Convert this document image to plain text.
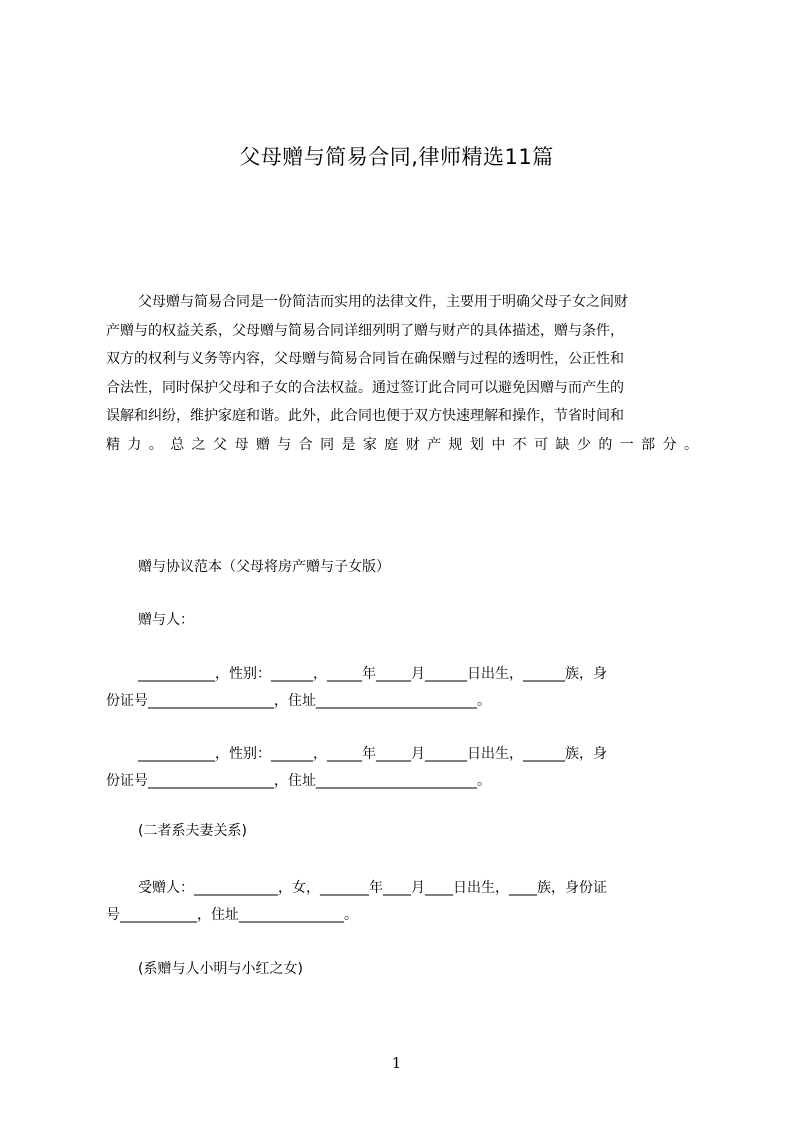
父母赠与简易合同,律师精选11篇
父母赠与简易合同是一份简洁而实用的法律文件，主要用于明确父母子女之间财
产赠与的权益关系，父母赠与简易合同详细列明了赠与财产的具体描述，赠与条件，
双方的权利与义务等内容，父母赠与简易合同旨在确保赠与过程的透明性，公正性和
合法性，同时保护父母和子女的合法权益。通过签订此合同可以避免因赠与而产生的
误解和纠纷，维护家庭和谐。此外，此合同也便于双方快速理解和操作，节省时间和
精力。总之父母赠与合同是家庭财产规划中不可缺少的一部分。
赠与协议范本（父母将房产赠与子女版）
赠与人：
___________，性别：______，_____年_____月______日出生，______族，身
份证号__________________，住址_______________________。
___________，性别：______，_____年_____月______日出生，______族，身
份证号__________________，住址_______________________。
(二者系夫妻关系)
受赠人：____________，女，_______年____月____日出生，____族，身份证
号___________，住址_______________。
(系赠与人小明与小红之女)
1
